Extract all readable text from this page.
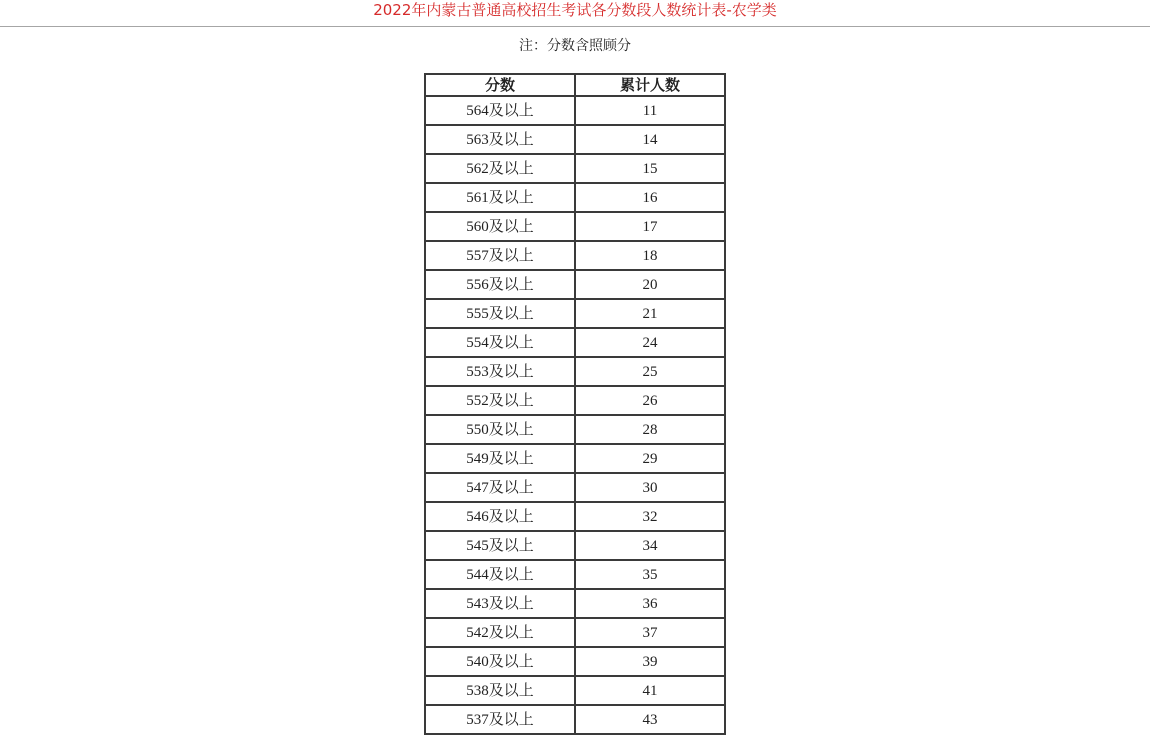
2022年内蒙古普通高校招生考试各分数段人数统计表-农学类
注：分数含照顾分
分数	累计人数
564及以上	11
563及以上	14
562及以上	15
561及以上	16
560及以上	17
557及以上	18
556及以上	20
555及以上	21
554及以上	24
553及以上	25
552及以上	26
550及以上	28
549及以上	29
547及以上	30
546及以上	32
545及以上	34
544及以上	35
543及以上	36
542及以上	37
540及以上	39
538及以上	41
537及以上	43
